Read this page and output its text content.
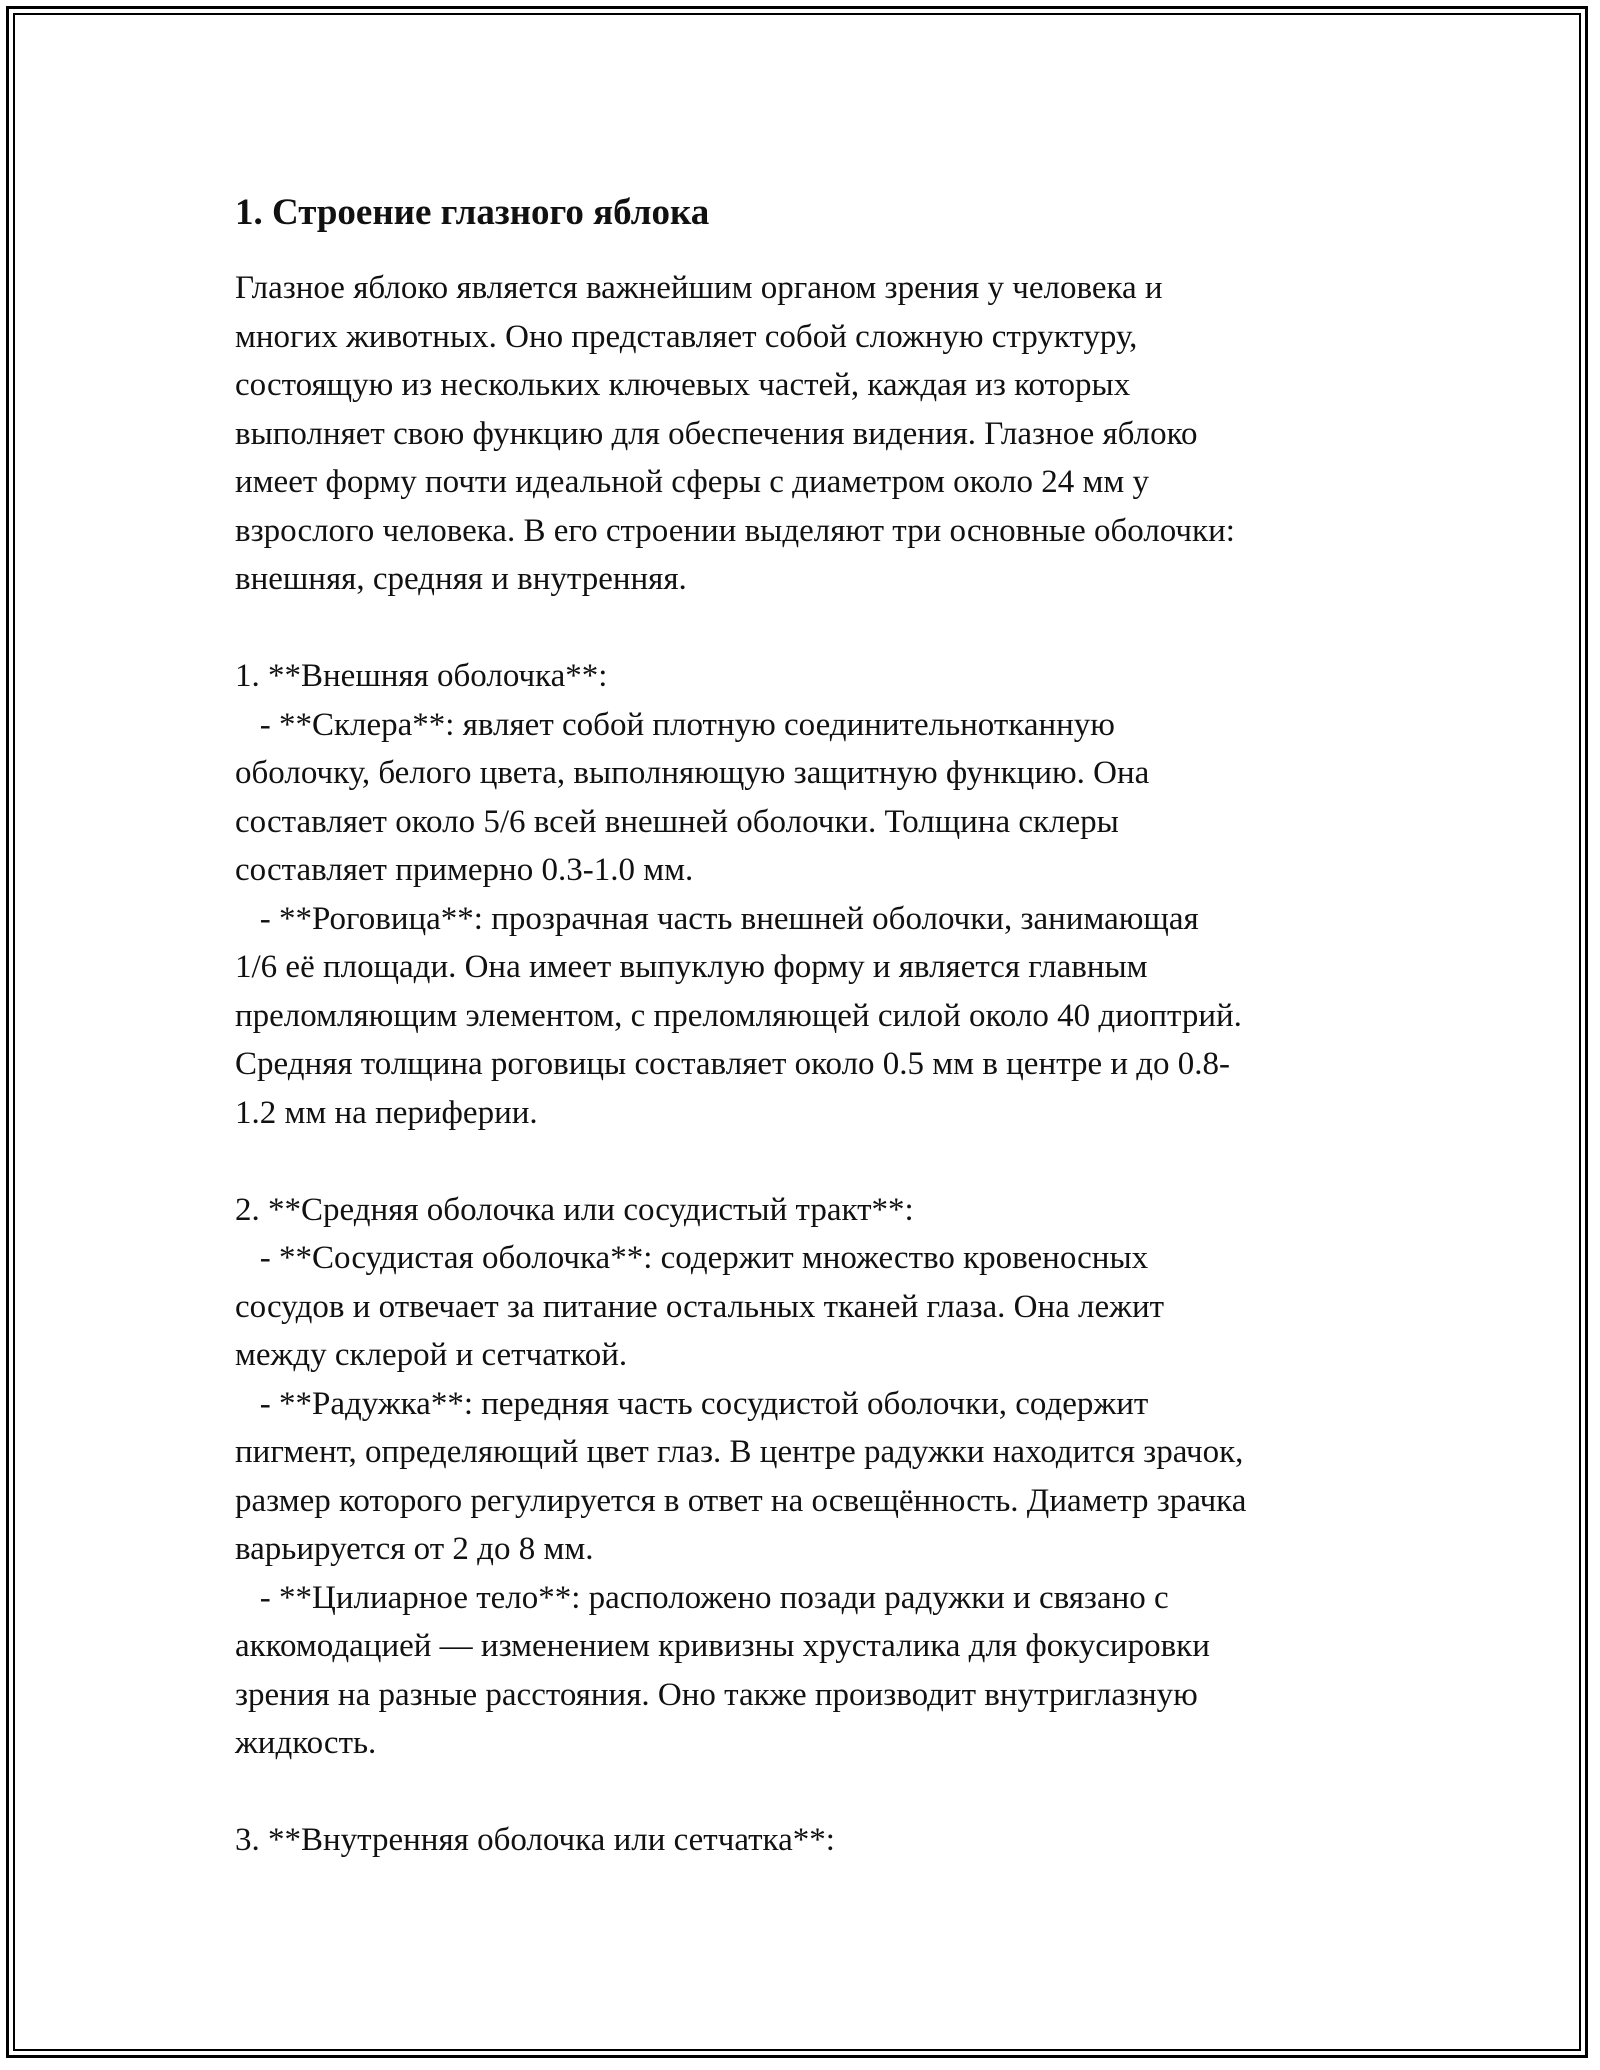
1. Строение глазного яблока
Глазное яблоко является важнейшим органом зрения у человека и
многих животных. Оно представляет собой сложную структуру,
состоящую из нескольких ключевых частей, каждая из которых
выполняет свою функцию для обеспечения видения. Глазное яблоко
имеет форму почти идеальной сферы с диаметром около 24 мм у
взрослого человека. В его строении выделяют три основные оболочки:
внешняя, средняя и внутренняя.
1. **Внешняя оболочка**:
- **Склера**: являет собой плотную соединительнотканную
оболочку, белого цвета, выполняющую защитную функцию. Она
составляет около 5/6 всей внешней оболочки. Толщина склеры
составляет примерно 0.3-1.0 мм.
- **Роговица**: прозрачная часть внешней оболочки, занимающая
1/6 её площади. Она имеет выпуклую форму и является главным
преломляющим элементом, с преломляющей силой около 40 диоптрий.
Средняя толщина роговицы составляет около 0.5 мм в центре и до 0.8-
1.2 мм на периферии.
2. **Средняя оболочка или сосудистый тракт**:
- **Сосудистая оболочка**: содержит множество кровеносных
сосудов и отвечает за питание остальных тканей глаза. Она лежит
между склерой и сетчаткой.
- **Радужка**: передняя часть сосудистой оболочки, содержит
пигмент, определяющий цвет глаз. В центре радужки находится зрачок,
размер которого регулируется в ответ на освещённость. Диаметр зрачка
варьируется от 2 до 8 мм.
- **Цилиарное тело**: расположено позади радужки и связано с
аккомодацией — изменением кривизны хрусталика для фокусировки
зрения на разные расстояния. Оно также производит внутриглазную
жидкость.
3. **Внутренняя оболочка или сетчатка**:
